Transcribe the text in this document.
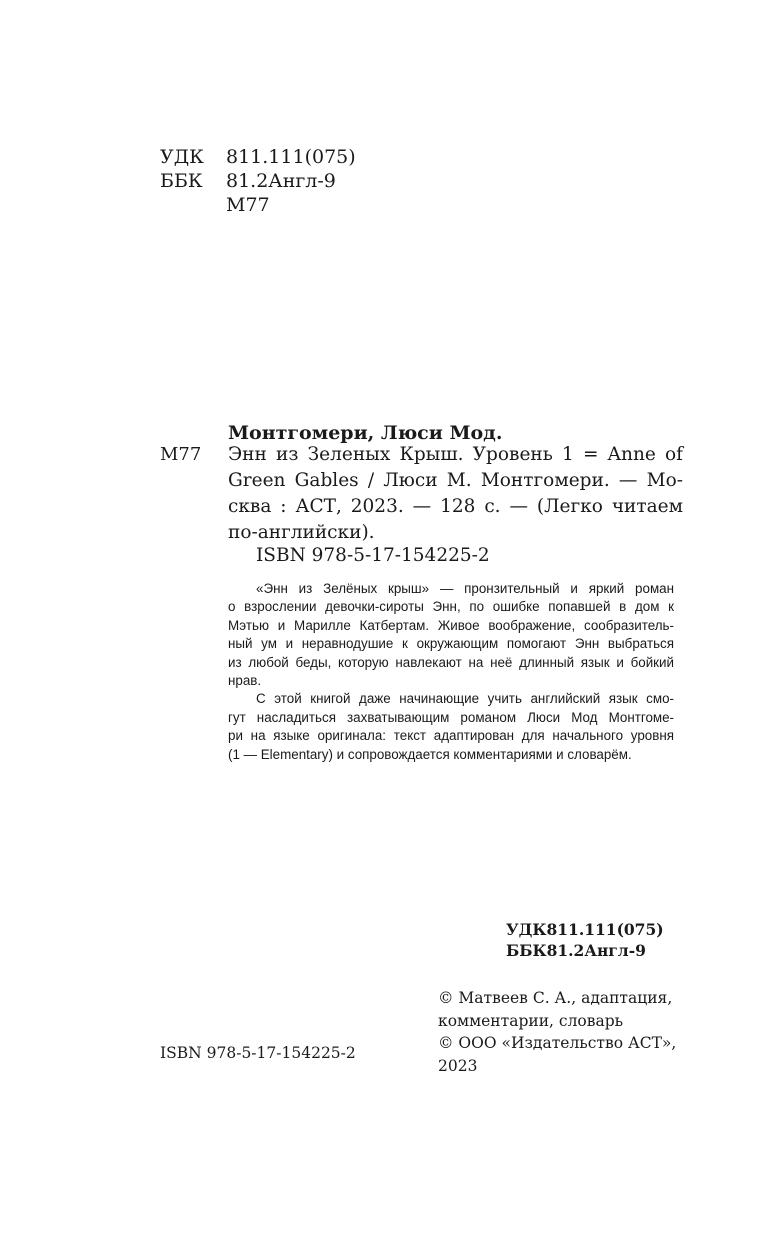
УДК 811.111(075)
ББК 81.2Англ-9
М77
Монтгомери, Люси Мод.
М77 Энн из Зеленых Крыш. Уровень 1 = Anne of
Green Gables / Люси М. Монтгомери. — Мо-
сква : АСТ, 2023. — 128 с. — (Легко читаем
по-английски).
ISBN 978-5-17-154225-2

«Энн из Зелёных крыш» — пронзительный и яркий роман
о взрослении девочки-сироты Энн, по ошибке попавшей в дом к
Мэтью и Марилле Катбертам. Живое воображение, сообразитель-
ный ум и неравнодушие к окружающим помогают Энн выбраться
из любой беды, которую навлекают на неё длинный язык и бойкий
нрав.

С этой книгой даже начинающие учить английский язык смо-
гут насладиться захватывающим романом Люси Мод Монтгоме-
ри на языке оригинала: текст адаптирован для начального уровня
(1 — Elementary) и сопровождается комментариями и словарём.

УДК811.111(075)
ББК81.2Англ-9
© Матвеев С. А., адаптация,
комментарии, словарь
© ООО «Издательство АСТ»,
2023
ISBN 978-5-17-154225-2
